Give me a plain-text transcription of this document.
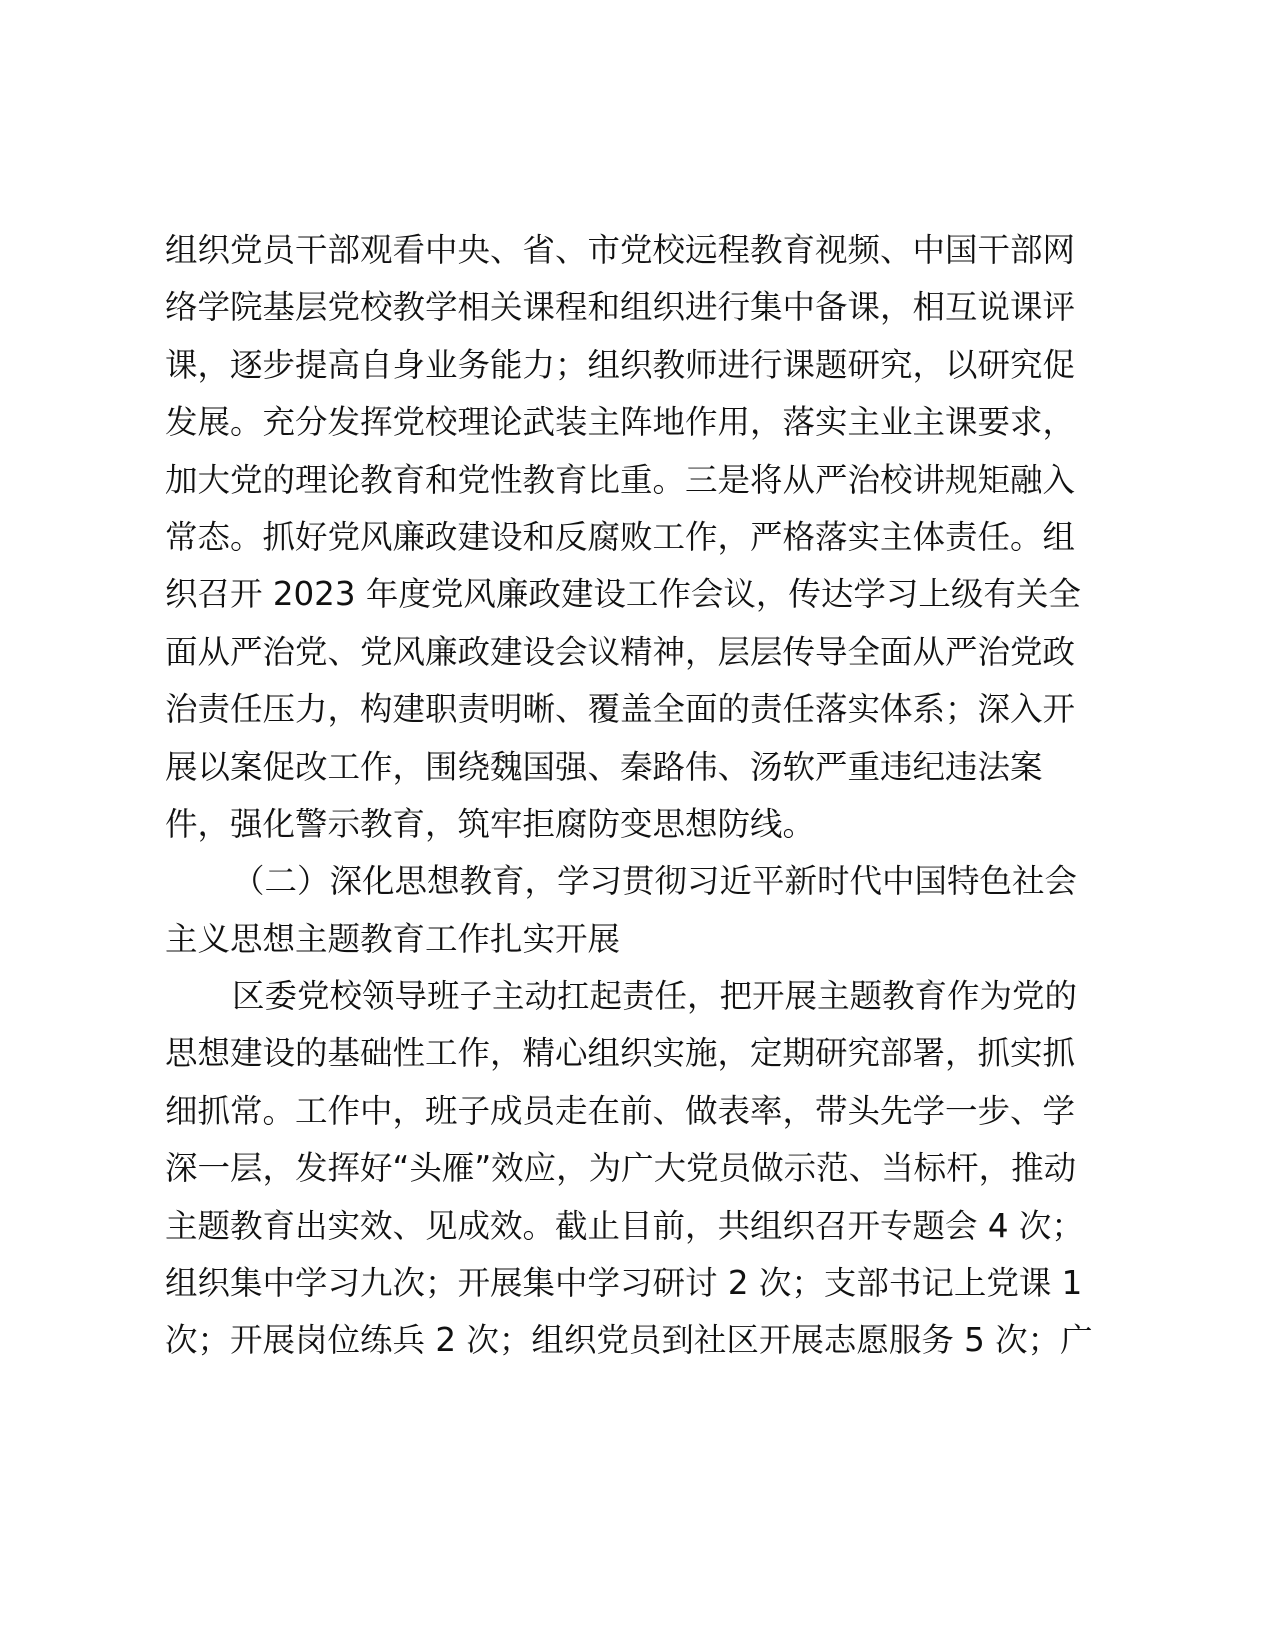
组织党员干部观看中央、省、市党校远程教育视频、中国干部网

络学院基层党校教学相关课程和组织进行集中备课，相互说课评

课，逐步提高自身业务能力；组织教师进行课题研究，以研究促

发展。充分发挥党校理论武装主阵地作用，落实主业主课要求，

加大党的理论教育和党性教育比重。三是将从严治校讲规矩融入

常态。抓好党风廉政建设和反腐败工作，严格落实主体责任。组

织召开 2023 年度党风廉政建设工作会议，传达学习上级有关全

面从严治党、党风廉政建设会议精神，层层传导全面从严治党政

治责任压力，构建职责明晰、覆盖全面的责任落实体系；深入开

展以案促改工作，围绕魏国强、秦路伟、汤软严重违纪违法案

件，强化警示教育，筑牢拒腐防变思想防线。

（二）深化思想教育，学习贯彻习近平新时代中国特色社会

主义思想主题教育工作扎实开展

区委党校领导班子主动扛起责任，把开展主题教育作为党的

思想建设的基础性工作，精心组织实施，定期研究部署，抓实抓

细抓常。工作中，班子成员走在前、做表率，带头先学一步、学

深一层，发挥好“头雁”效应，为广大党员做示范、当标杆，推动

主题教育出实效、见成效。截止目前，共组织召开专题会 4 次；

组织集中学习九次；开展集中学习研讨 2 次；支部书记上党课 1

次；开展岗位练兵 2 次；组织党员到社区开展志愿服务 5 次；广
